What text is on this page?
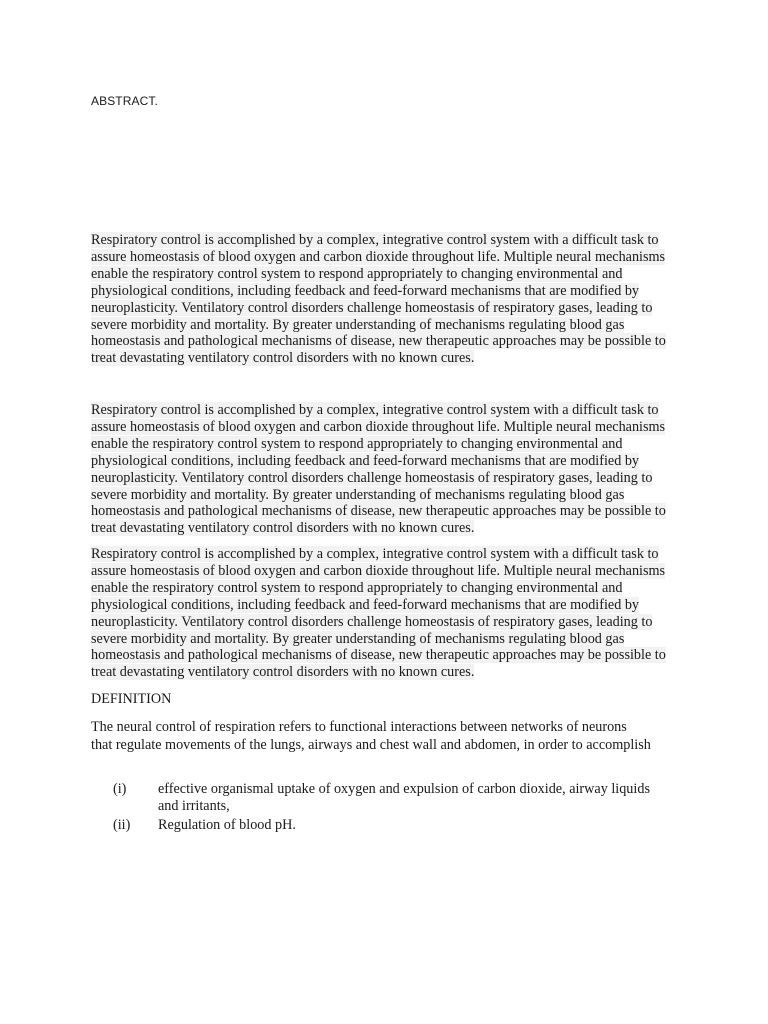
ABSTRACT.
Respiratory control is accomplished by a complex, integrative control system with a difficult task to assure homeostasis of blood oxygen and carbon dioxide throughout life. Multiple neural mechanisms enable the respiratory control system to respond appropriately to changing environmental and physiological conditions, including feedback and feed-forward mechanisms that are modified by neuroplasticity. Ventilatory control disorders challenge homeostasis of respiratory gases, leading to severe morbidity and mortality. By greater understanding of mechanisms regulating blood gas homeostasis and pathological mechanisms of disease, new therapeutic approaches may be possible to treat devastating ventilatory control disorders with no known cures.
Respiratory control is accomplished by a complex, integrative control system with a difficult task to assure homeostasis of blood oxygen and carbon dioxide throughout life. Multiple neural mechanisms enable the respiratory control system to respond appropriately to changing environmental and physiological conditions, including feedback and feed-forward mechanisms that are modified by neuroplasticity. Ventilatory control disorders challenge homeostasis of respiratory gases, leading to severe morbidity and mortality. By greater understanding of mechanisms regulating blood gas homeostasis and pathological mechanisms of disease, new therapeutic approaches may be possible to treat devastating ventilatory control disorders with no known cures.
Respiratory control is accomplished by a complex, integrative control system with a difficult task to assure homeostasis of blood oxygen and carbon dioxide throughout life. Multiple neural mechanisms enable the respiratory control system to respond appropriately to changing environmental and physiological conditions, including feedback and feed-forward mechanisms that are modified by neuroplasticity. Ventilatory control disorders challenge homeostasis of respiratory gases, leading to severe morbidity and mortality. By greater understanding of mechanisms regulating blood gas homeostasis and pathological mechanisms of disease, new therapeutic approaches may be possible to treat devastating ventilatory control disorders with no known cures.
DEFINITION
The neural control of respiration refers to functional interactions between networks of neurons that regulate movements of the lungs, airways and chest wall and abdomen, in order to accomplish
(i)	effective organismal uptake of oxygen and expulsion of carbon dioxide, airway liquids and irritants,
(ii)	Regulation of blood pH.
